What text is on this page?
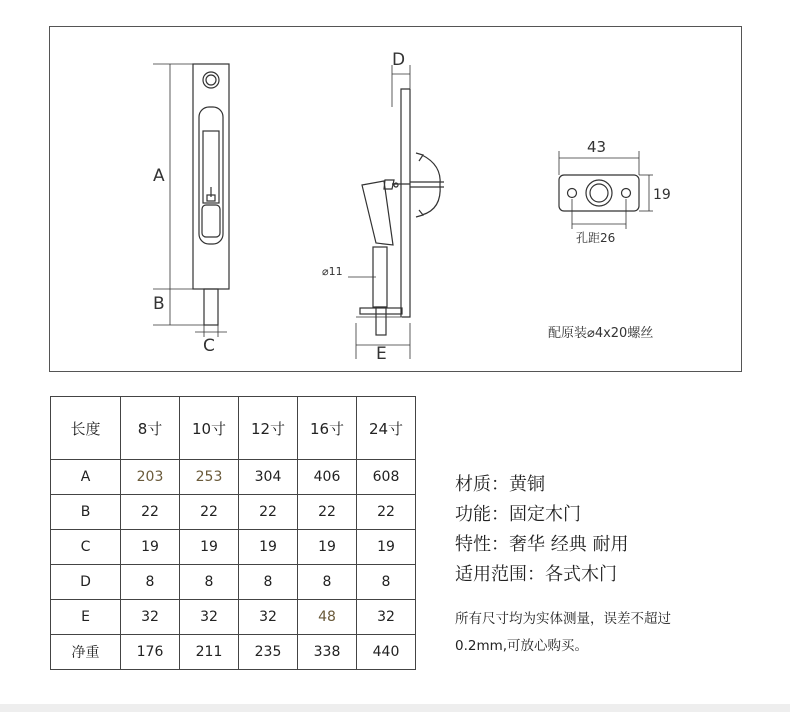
A
B
C
D
E
⌀11
43
19
孔距26
配原装⌀4x20螺丝
长度	8寸	10寸	12寸	16寸	24寸
A	203	253	304	406	608
B	22	22	22	22	22
C	19	19	19	19	19
D	8	8	8	8	8
E	32	32	32	48	32
净重	176	211	235	338	440
材质：黄铜
功能：固定木门
特性：奢华 经典 耐用
适用范围：各式木门
所有尺寸均为实体测量，误差不超过
0.2mm,可放心购买。
